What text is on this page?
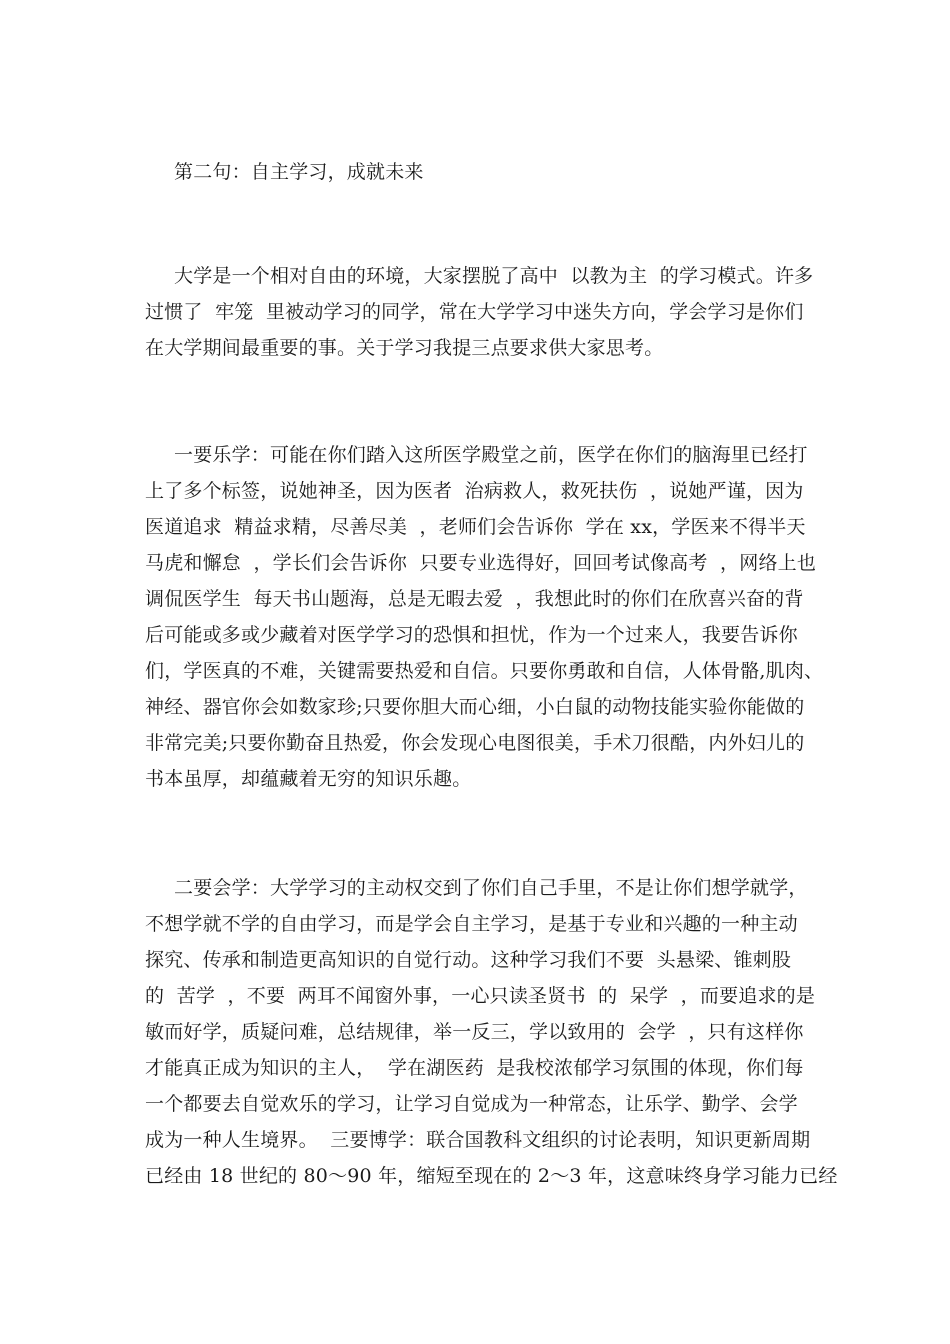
第二句：自主学习，成就未来
大学是一个相对自由的环境，大家摆脱了高中  以教为主  的学习模式。许多
过惯了  牢笼  里被动学习的同学，常在大学学习中迷失方向，学会学习是你们
在大学期间最重要的事。关于学习我提三点要求供大家思考。
一要乐学：可能在你们踏入这所医学殿堂之前，医学在你们的脑海里已经打
上了多个标签，说她神圣，因为医者  治病救人，救死扶伤  ，说她严谨，因为
医道追求  精益求精，尽善尽美  ，老师们会告诉你  学在 xx，学医来不得半天
马虎和懈怠  ，学长们会告诉你  只要专业选得好，回回考试像高考  ，网络上也
调侃医学生  每天书山题海，总是无暇去爱  ，我想此时的你们在欣喜兴奋的背
后可能或多或少藏着对医学学习的恐惧和担忧，作为一个过来人，我要告诉你
们，学医真的不难，关键需要热爱和自信。只要你勇敢和自信，人体骨骼,肌肉、
神经、器官你会如数家珍;只要你胆大而心细，小白鼠的动物技能实验你能做的
非常完美;只要你勤奋且热爱，你会发现心电图很美，手术刀很酷，内外妇儿的
书本虽厚，却蕴藏着无穷的知识乐趣。
二要会学：大学学习的主动权交到了你们自己手里，不是让你们想学就学，
不想学就不学的自由学习，而是学会自主学习，是基于专业和兴趣的一种主动
探究、传承和制造更高知识的自觉行动。这种学习我们不要  头悬梁、锥刺股
的  苦学  ，不要  两耳不闻窗外事，一心只读圣贤书  的  呆学  ，而要追求的是
敏而好学，质疑问难，总结规律，举一反三，学以致用的  会学  ，只有这样你
才能真正成为知识的主人，  学在湖医药  是我校浓郁学习氛围的体现，你们每
一个都要去自觉欢乐的学习，让学习自觉成为一种常态，让乐学、勤学、会学
成为一种人生境界。  三要博学：联合国教科文组织的讨论表明，知识更新周期
已经由 18 世纪的 80～90 年，缩短至现在的 2～3 年，这意味终身学习能力已经
